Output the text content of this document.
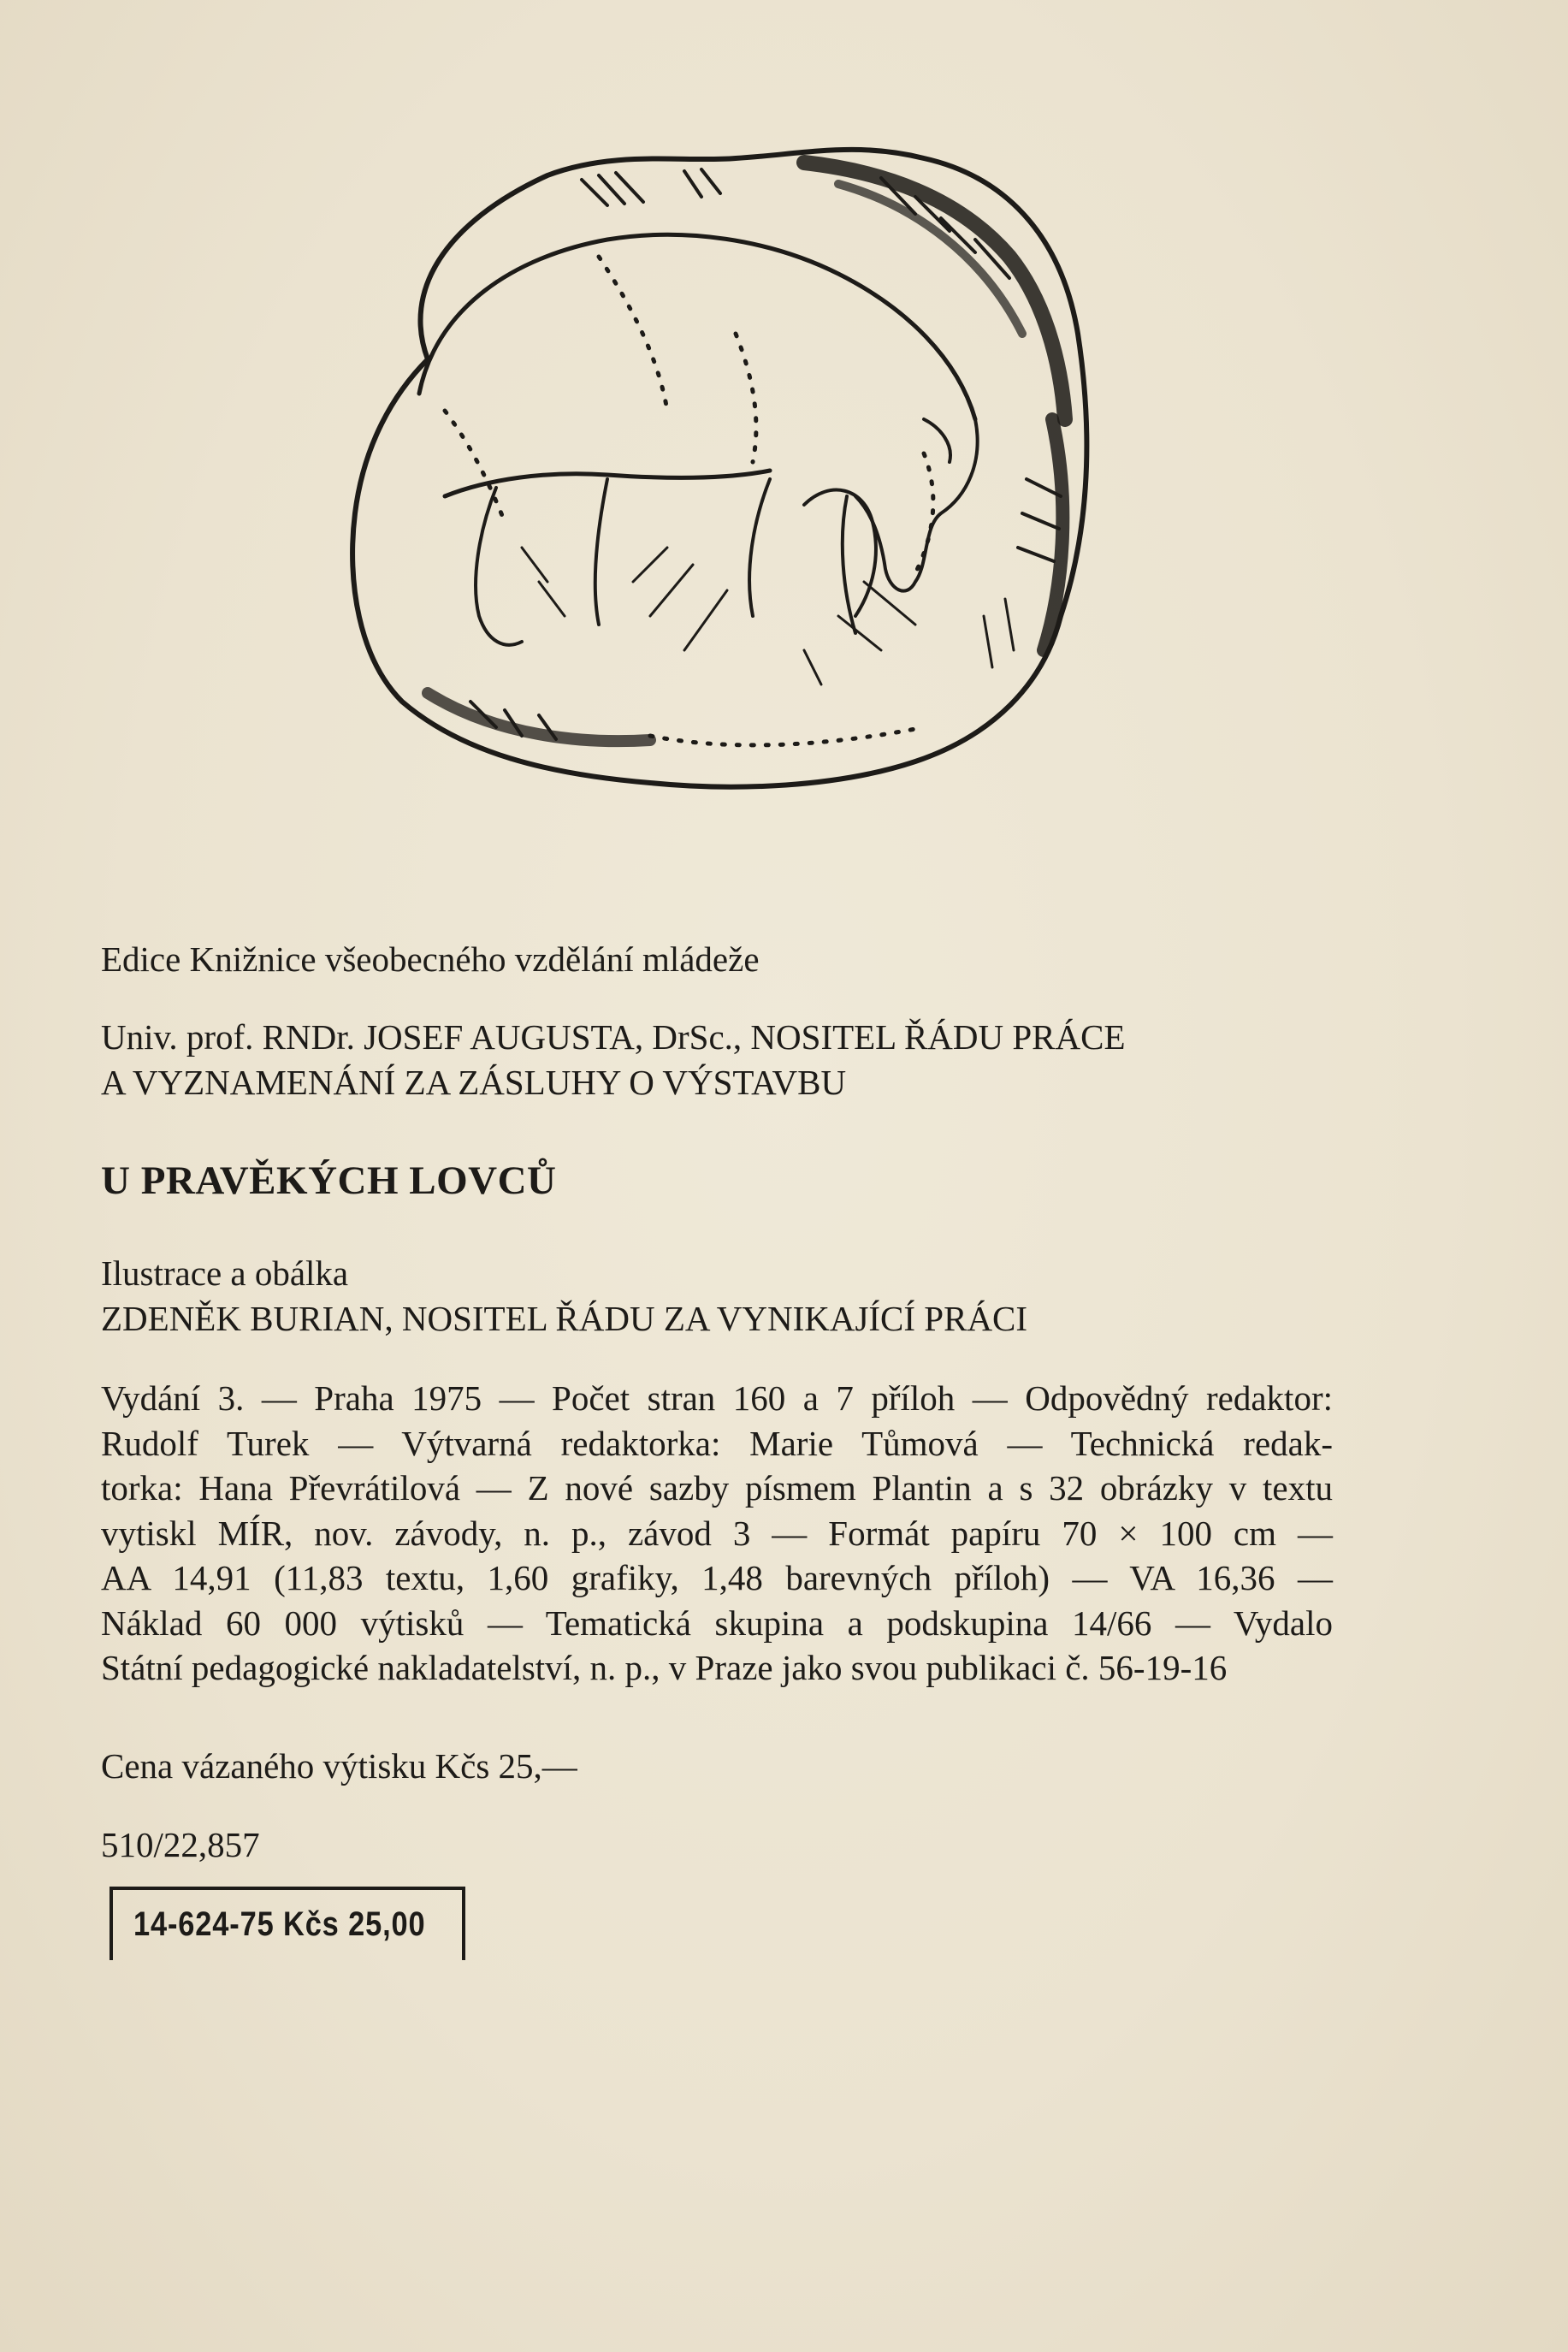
Edice Knižnice všeobecného vzdělání mládeže
Univ. prof. RNDr. JOSEF AUGUSTA, DrSc., NOSITEL ŘÁDU PRÁCE
A VYZNAMENÁNÍ ZA ZÁSLUHY O VÝSTAVBU
U PRAVĚKÝCH LOVCŮ
Ilustrace a obálka
ZDENĚK BURIAN, NOSITEL ŘÁDU ZA VYNIKAJÍCÍ PRÁCI
Vydání 3. — Praha 1975 — Počet stran 160 a 7 příloh — Odpovědný redaktor:
Rudolf Turek — Výtvarná redaktorka: Marie Tůmová — Technická redak-
torka: Hana Převrátilová — Z nové sazby písmem Plantin a s 32 obrázky v textu
vytiskl MÍR, nov. závody, n. p., závod 3 — Formát papíru 70 × 100 cm —
AA 14,91 (11,83 textu, 1,60 grafiky, 1,48 barevných příloh) — VA 16,36 —
Náklad 60 000 výtisků — Tematická skupina a podskupina 14/66 — Vydalo
Státní pedagogické nakladatelství, n. p., v Praze jako svou publikaci č. 56-19-16
Cena vázaného výtisku Kčs 25,—
510/22,857
14-624-75 Kčs 25,00
